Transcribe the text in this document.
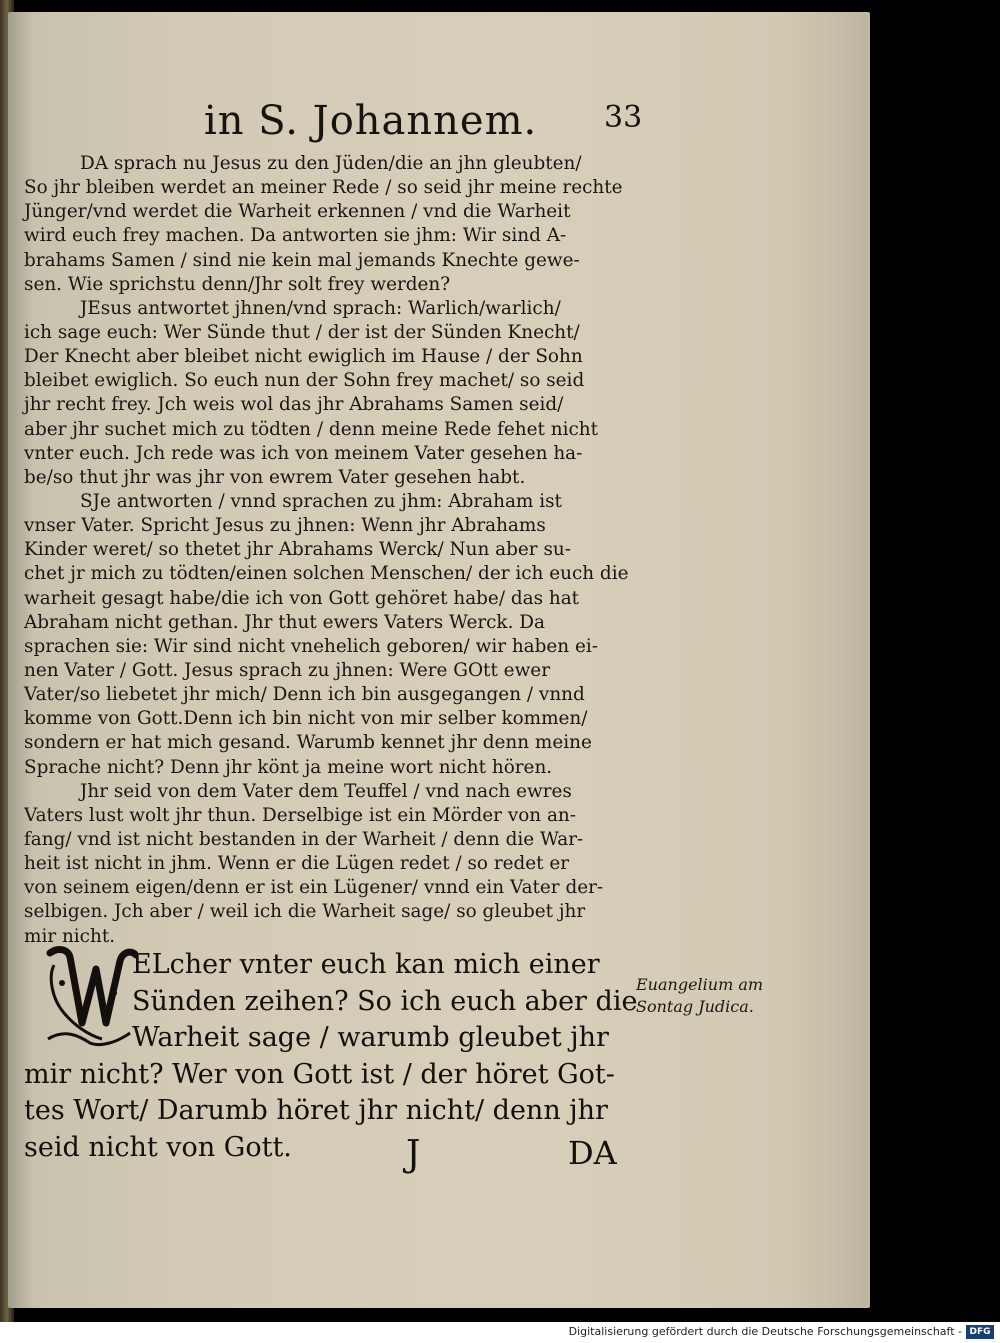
in S. Johannem. 33
DA sprach nu Jesus zu den Jüden/die an jhn gleubten/
So jhr bleiben werdet an meiner Rede / so seid jhr meine rechte
Jünger/vnd werdet die Warheit erkennen / vnd die Warheit
wird euch frey machen. Da antworten sie jhm: Wir sind A-
brahams Samen / sind nie kein mal jemands Knechte gewe-
sen. Wie sprichstu denn/Jhr solt frey werden?
JEsus antwortet jhnen/vnd sprach: Warlich/warlich/
ich sage euch: Wer Sünde thut / der ist der Sünden Knecht/
Der Knecht aber bleibet nicht ewiglich im Hause / der Sohn
bleibet ewiglich. So euch nun der Sohn frey machet/ so seid
jhr recht frey. Jch weis wol das jhr Abrahams Samen seid/
aber jhr suchet mich zu tödten / denn meine Rede fehet nicht
vnter euch. Jch rede was ich von meinem Vater gesehen ha-
be/so thut jhr was jhr von ewrem Vater gesehen habt.
SJe antworten / vnnd sprachen zu jhm: Abraham ist
vnser Vater. Spricht Jesus zu jhnen: Wenn jhr Abrahams
Kinder weret/ so thetet jhr Abrahams Werck/ Nun aber su-
chet jr mich zu tödten/einen solchen Menschen/ der ich euch die
warheit gesagt habe/die ich von Gott gehöret habe/ das hat
Abraham nicht gethan. Jhr thut ewers Vaters Werck. Da
sprachen sie: Wir sind nicht vnehelich geboren/ wir haben ei-
nen Vater / Gott. Jesus sprach zu jhnen: Were GOtt ewer
Vater/so liebetet jhr mich/ Denn ich bin ausgegangen / vnnd
komme von Gott.Denn ich bin nicht von mir selber kommen/
sondern er hat mich gesand. Warumb kennet jhr denn meine
Sprache nicht? Denn jhr könt ja meine wort nicht hören.
Jhr seid von dem Vater dem Teuffel / vnd nach ewres
Vaters lust wolt jhr thun. Derselbige ist ein Mörder von an-
fang/ vnd ist nicht bestanden in der Warheit / denn die War-
heit ist nicht in jhm. Wenn er die Lügen redet / so redet er
von seinem eigen/denn er ist ein Lügener/ vnnd ein Vater der-
selbigen. Jch aber / weil ich die Warheit sage/ so gleubet jhr
mir nicht.
ELcher vnter euch kan mich einer
Sünden zeihen? So ich euch aber die
Warheit sage / warumb gleubet jhr
mir nicht? Wer von Gott ist / der höret Got-
tes Wort/ Darumb höret jhr nicht/ denn jhr
seid nicht von Gott.
Euangelium am
Sontag Judica.
J	DA
Digitalisierung gefördert durch die Deutsche Forschungsgemeinschaft - DFG
